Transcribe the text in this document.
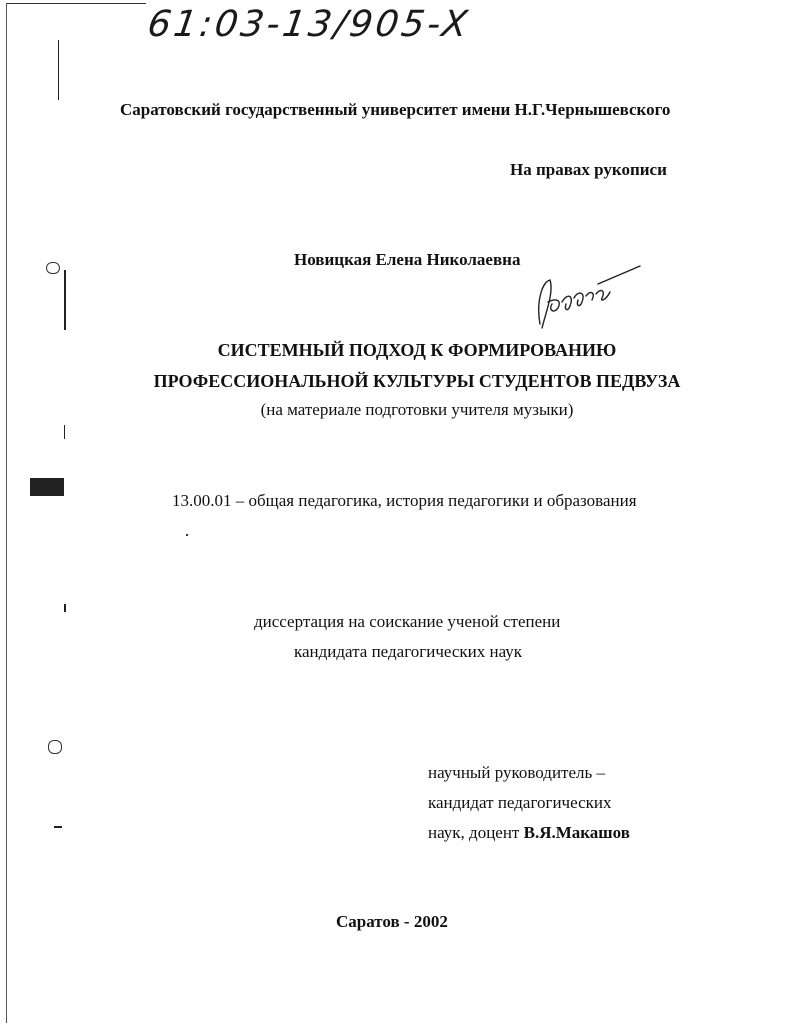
61:03-13/905-X
Саратовский государственный университет имени Н.Г.Чернышевского
На правах рукописи
Новицкая Елена Николаевна
СИСТЕМНЫЙ ПОДХОД К ФОРМИРОВАНИЮ
ПРОФЕССИОНАЛЬНОЙ КУЛЬТУРЫ СТУДЕНТОВ ПЕДВУЗА
(на материале подготовки учителя музыки)
13.00.01 – общая педагогика, история педагогики и образования
диссертация на соискание ученой степени
кандидата педагогических наук
научный руководитель –
кандидат педагогических
наук, доцент В.Я.Макашов
Саратов - 2002
